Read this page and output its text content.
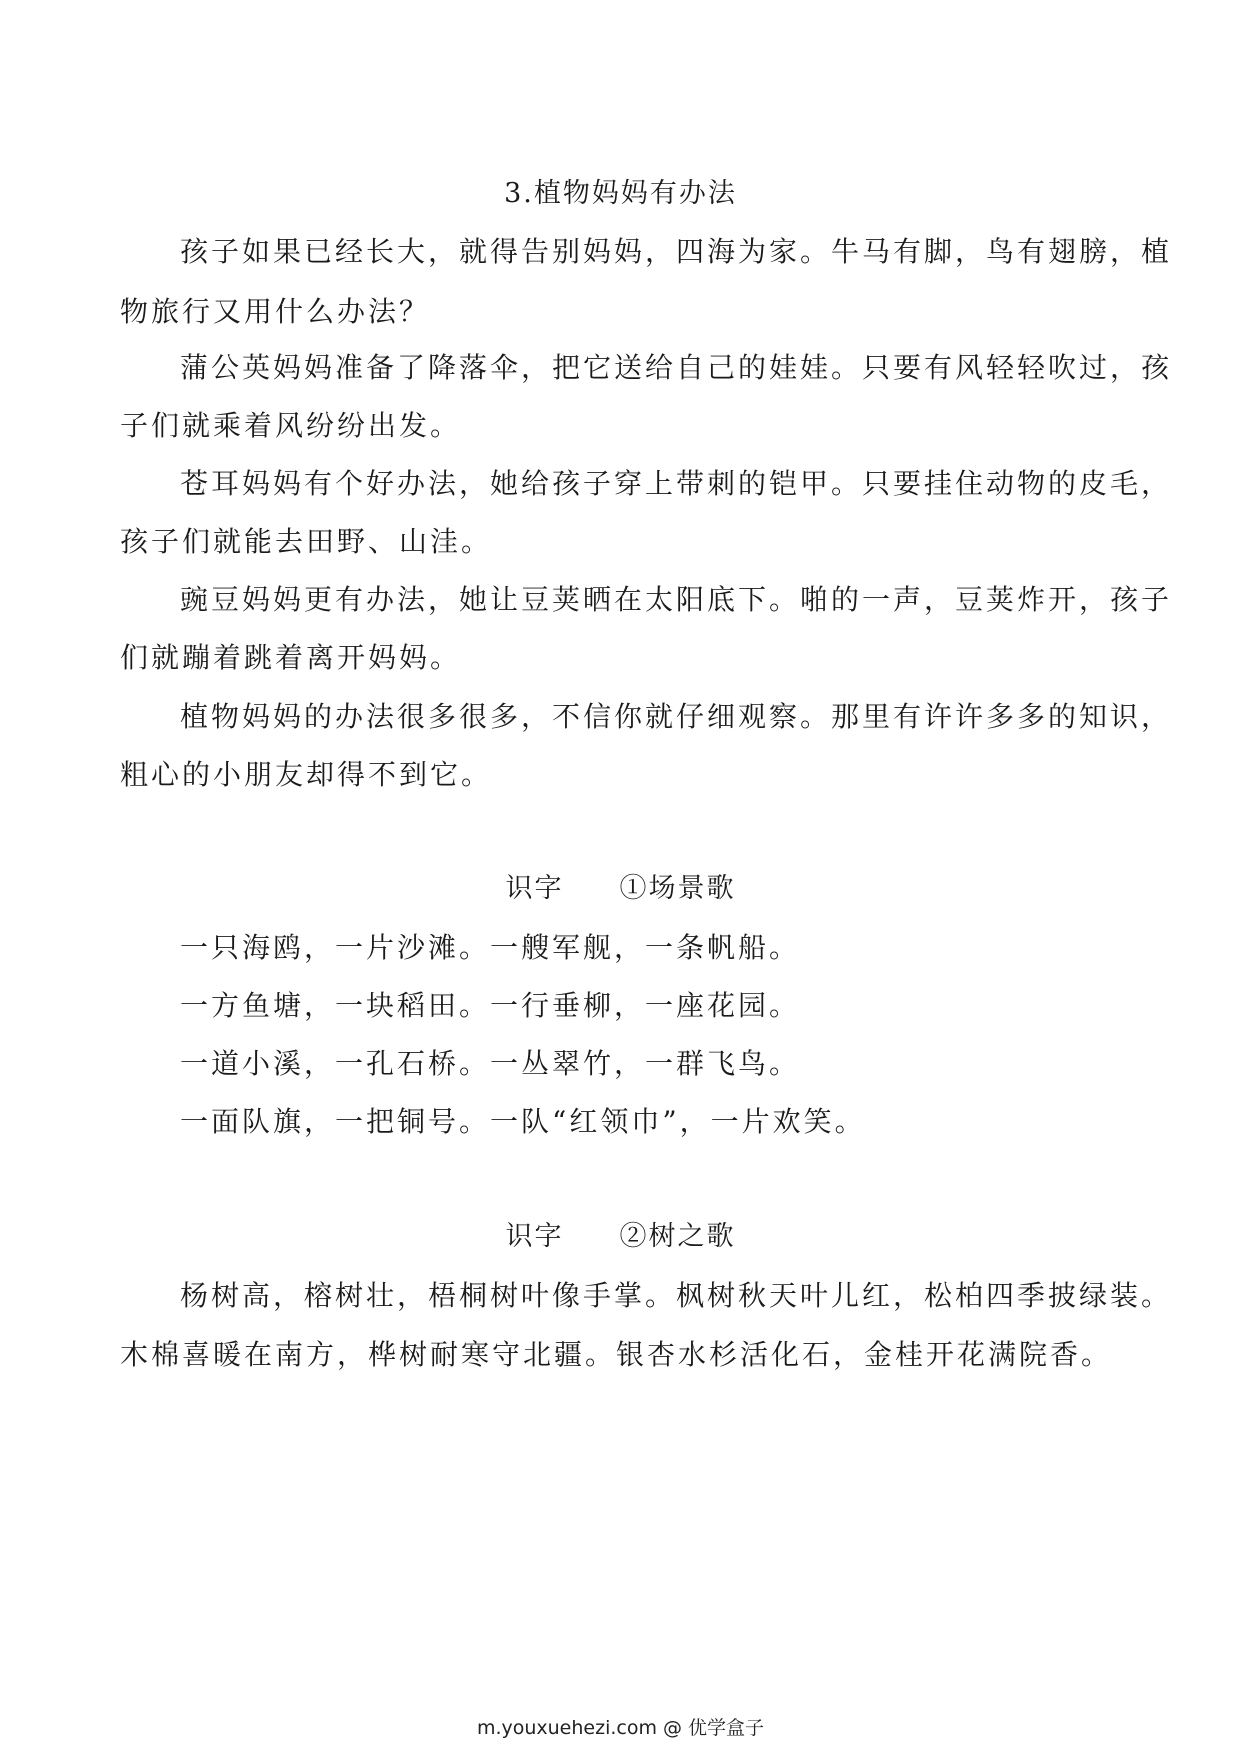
3.植物妈妈有办法
孩子如果已经长大，就得告别妈妈，四海为家。牛马有脚，鸟有翅膀，植
物旅行又用什么办法？
蒲公英妈妈准备了降落伞，把它送给自己的娃娃。只要有风轻轻吹过，孩
子们就乘着风纷纷出发。
苍耳妈妈有个好办法，她给孩子穿上带刺的铠甲。只要挂住动物的皮毛，
孩子们就能去田野、山洼。
豌豆妈妈更有办法，她让豆荚晒在太阳底下。啪的一声，豆荚炸开，孩子
们就蹦着跳着离开妈妈。
植物妈妈的办法很多很多，不信你就仔细观察。那里有许许多多的知识，
粗心的小朋友却得不到它。
识字 ①场景歌
一只海鸥，一片沙滩。一艘军舰，一条帆船。
一方鱼塘，一块稻田。一行垂柳，一座花园。
一道小溪，一孔石桥。一丛翠竹，一群飞鸟。
一面队旗，一把铜号。一队“红领巾”，一片欢笑。
识字 ②树之歌
杨树高，榕树壮，梧桐树叶像手掌。枫树秋天叶儿红，松柏四季披绿装。
木棉喜暖在南方，桦树耐寒守北疆。银杏水杉活化石，金桂开花满院香。
m.youxuehezi.com @ 优学盒子
